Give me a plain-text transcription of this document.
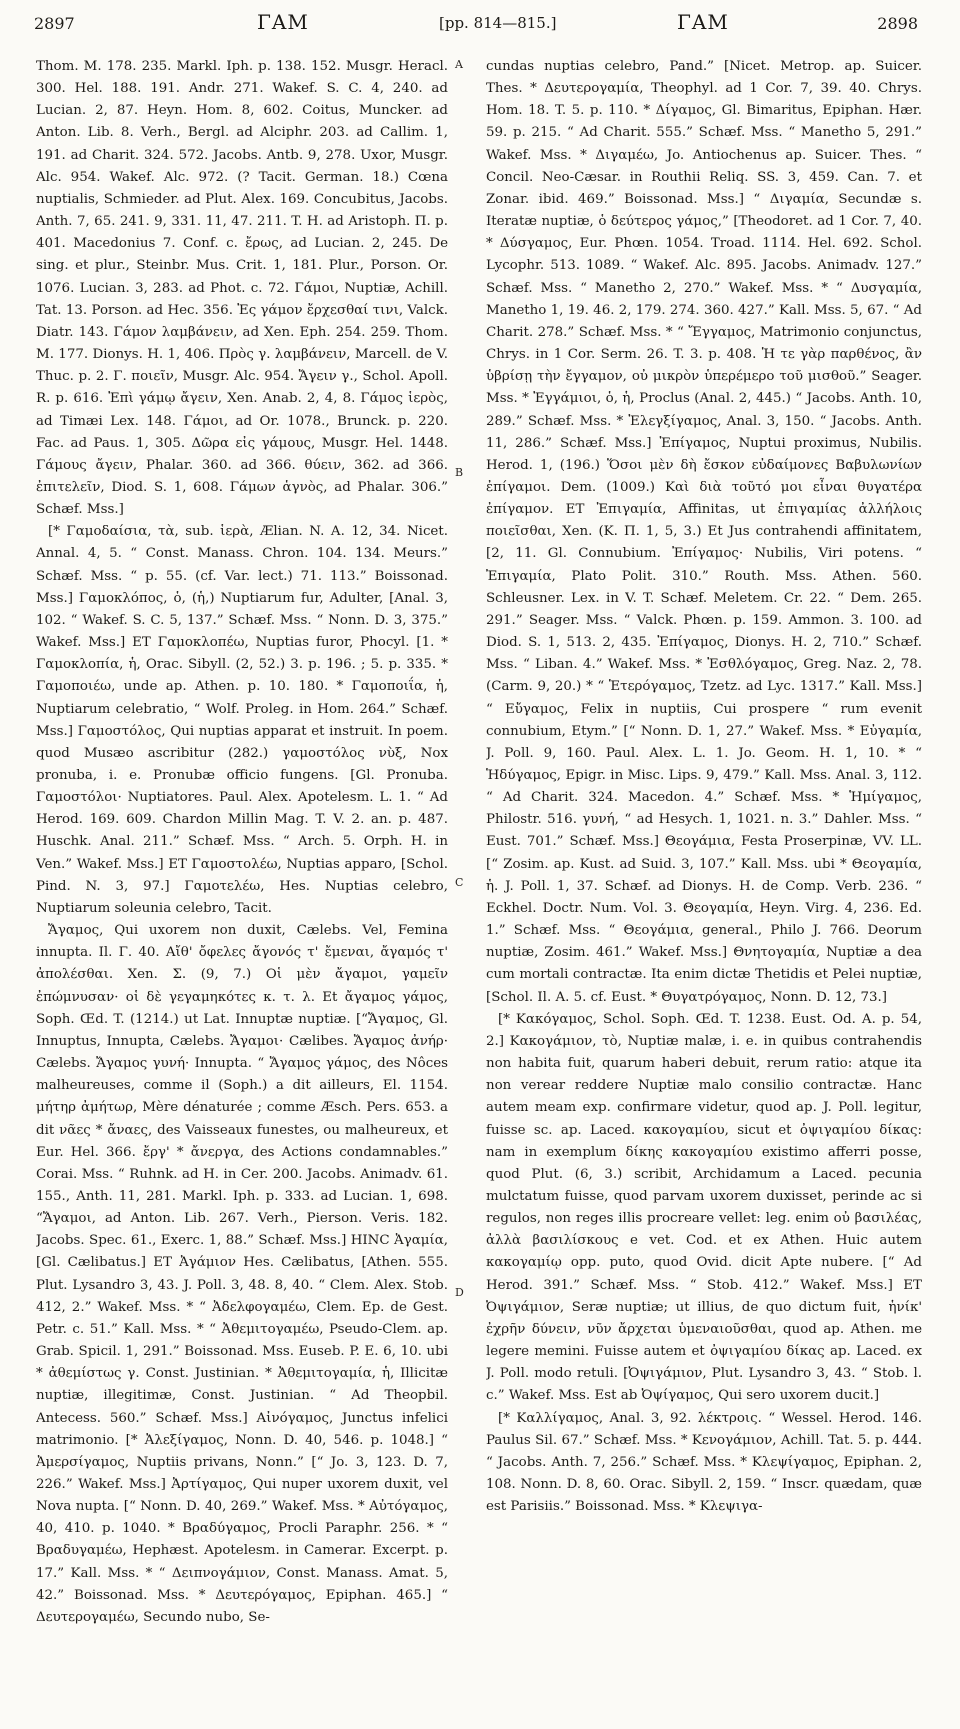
2897	ΓΑΜ	[pp. 814—815.]	ΓΑΜ	2898
A
B
C
D

Thom. M. 178. 235. Markl. Iph. p. 138. 152. Musgr. Heracl. 300. Hel. 188. 191. Andr. 271. Wakef. S. C. 4, 240. ad Lucian. 2, 87. Heyn. Hom. 8, 602. Coitus, Muncker. ad Anton. Lib. 8. Verh., Bergl. ad Alciphr. 203. ad Callim. 1, 191. ad Charit. 324. 572. Jacobs. Antb. 9, 278. Uxor, Musgr. Alc. 954. Wakef. Alc. 972. (? Tacit. German. 18.) Cœna nuptialis, Schmieder. ad Plut. Alex. 169. Concubitus, Jacobs. Anth. 7, 65. 241. 9, 331. 11, 47. 211. T. H. ad Aristoph. Π. p. 401. Macedonius 7. Conf. c. ἔρως, ad Lucian. 2, 245. De sing. et plur., Steinbr. Mus. Crit. 1, 181. Plur., Porson. Or. 1076. Lucian. 3, 283. ad Phot. c. 72. Γάμοι, Nuptiæ, Achill. Tat. 13. Porson. ad Hec. 356. Ἐς γάμον ἔρχεσθαί τινι, Valck. Diatr. 143. Γάμον λαμβάνειν, ad Xen. Eph. 254. 259. Thom. M. 177. Dionys. H. 1, 406. Πρὸς γ. λαμβάνειν, Marcell. de V. Thuc. p. 2. Γ. ποιεῖν, Musgr. Alc. 954. Ἄγειν γ., Schol. Apoll. R. p. 616. Ἐπὶ γάμῳ ἄγειν, Xen. Anab. 2, 4, 8. Γάμος ἱερὸς, ad Timæi Lex. 148. Γάμοι, ad Or. 1078., Brunck. p. 220. Fac. ad Paus. 1, 305. Δῶρα εἰς γάμους, Musgr. Hel. 1448. Γάμους ἄγειν, Phalar. 360. ad 366. θύειν, 362. ad 366. ἐπιτελεῖν, Diod. S. 1, 608. Γάμων ἁγνὸς, ad Phalar. 306.” Schæf. Mss.]

[* Γαμοδαίσια, τὰ, sub. ἱερὰ, Ælian. N. A. 12, 34. Nicet. Annal. 4, 5. “ Const. Manass. Chron. 104. 134. Meurs.” Schæf. Mss. “ p. 55. (cf. Var. lect.) 71. 113.” Boissonad. Mss.] Γαμοκλόπος, ὁ, (ἡ,) Nuptiarum fur, Adulter, [Anal. 3, 102. “ Wakef. S. C. 5, 137.” Schæf. Mss. “ Nonn. D. 3, 375.” Wakef. Mss.] ET Γαμοκλοπέω, Nuptias furor, Phocyl. [1. * Γαμοκλοπία, ἡ, Orac. Sibyll. (2, 52.) 3. p. 196. ; 5. p. 335. * Γαμοποιέω, unde ap. Athen. p. 10. 180. * Γαμοποιΐα, ἡ, Nuptiarum celebratio, “ Wolf. Proleg. in Hom. 264.” Schæf. Mss.] Γαμοστόλος, Qui nuptias apparat et instruit. In poem. quod Musæo ascribitur (282.) γαμοστόλος νὺξ, Nox pronuba, i. e. Pronubæ officio fungens. [Gl. Pronuba. Γαμοστόλοι· Nuptiatores. Paul. Alex. Apotelesm. L. 1. “ Ad Herod. 169. 609. Chardon Millin Mag. T. V. 2. an. p. 487. Huschk. Anal. 211.” Schæf. Mss. “ Arch. 5. Orph. H. in Ven.” Wakef. Mss.] ET Γαμοστολέω, Nuptias apparo, [Schol. Pind. N. 3, 97.] Γαμοτελέω, Hes. Nuptias celebro, Nuptiarum soleunia celebro, Tacit.

Ἄγαμος, Qui uxorem non duxit, Cælebs. Vel, Femina innupta. Il. Γ. 40. Αἴθ' ὄφελες ἄγονός τ' ἔμεναι, ἄγαμός τ' ἀπολέσθαι. Xen. Σ. (9, 7.) Οἱ μὲν ἄγαμοι, γαμεῖν ἐπώμνυσαν· οἱ δὲ γεγαμηκότες κ. τ. λ. Et ἄγαμος γάμος, Soph. Œd. T. (1214.) ut Lat. Innuptæ nuptiæ. [“Ἄγαμος, Gl. Innuptus, Innupta, Cælebs. Ἄγαμοι· Cælibes. Ἄγαμος ἀνήρ· Cælebs. Ἄγαμος γυνή· Innupta. “ Ἄγαμος γάμος, des Nôces malheureuses, comme il (Soph.) a dit ailleurs, El. 1154. μήτηρ ἀμήτωρ, Mère dénaturée ; comme Æsch. Pers. 653. a dit νᾶες * ἄναες, des Vaisseaux funestes, ou malheureux, et Eur. Hel. 366. ἔργ' * ἄνεργα, des Actions condamnables.” Corai. Mss. “ Ruhnk. ad H. in Cer. 200. Jacobs. Animadv. 61. 155., Anth. 11, 281. Markl. Iph. p. 333. ad Lucian. 1, 698. “Ἄγαμοι, ad Anton. Lib. 267. Verh., Pierson. Veris. 182. Jacobs. Spec. 61., Exerc. 1, 88.” Schæf. Mss.] HINC Ἀγαμία, [Gl. Cælibatus.] ET Ἀγάμιον Hes. Cælibatus, [Athen. 555. Plut. Lysandro 3, 43. J. Poll. 3, 48. 8, 40. “ Clem. Alex. Stob. 412, 2.” Wakef. Mss. * “ Ἀδελφογαμέω, Clem. Ep. de Gest. Petr. c. 51.” Kall. Mss. * “ Ἀθεμιτογαμέω, Pseudo-Clem. ap. Grab. Spicil. 1, 291.” Boissonad. Mss. Euseb. P. E. 6, 10. ubi * ἀθεμίστως γ. Const. Justinian. * Ἀθεμιτογαμία, ἡ, Illicitæ nuptiæ, illegitimæ, Const. Justinian. “ Ad Theopbil. Antecess. 560.” Schæf. Mss.] Αἰνόγαμος, Junctus infelici matrimonio. [* Ἀλεξίγαμος, Nonn. D. 40, 546. p. 1048.] “ Ἀμερσίγαμος, Nuptiis privans, Nonn.” [“ Jo. 3, 123. D. 7, 226.” Wakef. Mss.] Ἀρτίγαμος, Qui nuper uxorem duxit, vel Nova nupta. [“ Nonn. D. 40, 269.” Wakef. Mss. * Αὐτόγαμος, 40, 410. p. 1040. * Βραδύγαμος, Procli Paraphr. 256. * “ Βραδυγαμέω, Hephæst. Apotelesm. in Camerar. Excerpt. p. 17.” Kall. Mss. * “ Δειπνογάμιον, Const. Manass. Amat. 5, 42.” Boissonad. Mss. * Δευτερόγαμος, Epiphan. 465.] “ Δευτερογαμέω, Secundo nubo, Se-

cundas nuptias celebro, Pand.” [Nicet. Metrop. ap. Suicer. Thes. * Δευτερογαμία, Theophyl. ad 1 Cor. 7, 39. 40. Chrys. Hom. 18. T. 5. p. 110. * Δίγαμος, Gl. Bimaritus, Epiphan. Hær. 59. p. 215. “ Ad Charit. 555.” Schæf. Mss. “ Manetho 5, 291.” Wakef. Mss. * Διγαμέω, Jo. Antiochenus ap. Suicer. Thes. “ Concil. Neo-Cæsar. in Routhii Reliq. SS. 3, 459. Can. 7. et Zonar. ibid. 469.” Boissonad. Mss.] “ Διγαμία, Secundæ s. Iteratæ nuptiæ, ὁ δεύτερος γάμος,” [Theodoret. ad 1 Cor. 7, 40. * Δύσγαμος, Eur. Phœn. 1054. Troad. 1114. Hel. 692. Schol. Lycophr. 513. 1089. “ Wakef. Alc. 895. Jacobs. Animadv. 127.” Schæf. Mss. “ Manetho 2, 270.” Wakef. Mss. * “ Δυσγαμία, Manetho 1, 19. 46. 2, 179. 274. 360. 427.” Kall. Mss. 5, 67. “ Ad Charit. 278.” Schæf. Mss. * “ Ἔγγαμος, Matrimonio conjunctus, Chrys. in 1 Cor. Serm. 26. T. 3. p. 408. Ἡ τε γὰρ παρθένος, ἂν ὑβρίσῃ τὴν ἔγγαμον, οὐ μικρὸν ὑπερέμερο τοῦ μισθοῦ.” Seager. Mss. * Ἐγγάμιοι, ὁ, ἡ, Proclus (Anal. 2, 445.) “ Jacobs. Anth. 10, 289.” Schæf. Mss. * Ἐλεγξίγαμος, Anal. 3, 150. “ Jacobs. Anth. 11, 286.” Schæf. Mss.] Ἐπίγαμος, Nuptui proximus, Nubilis. Herod. 1, (196.) Ὅσοι μὲν δὴ ἔσκον εὐδαίμονες Βαβυλωνίων ἐπίγαμοι. Dem. (1009.) Καὶ διὰ τοῦτό μοι εἶναι θυγατέρα ἐπίγαμον. ET Ἐπιγαμία, Affinitas, ut ἐπιγαμίας ἀλλήλοις ποιεῖσθαι, Xen. (K. Π. 1, 5, 3.) Et Jus contrahendi affinitatem, [2, 11. Gl. Connubium. Ἐπίγαμος· Nubilis, Viri potens. “ Ἐπιγαμία, Plato Polit. 310.” Routh. Mss. Athen. 560. Schleusner. Lex. in V. T. Schæf. Meletem. Cr. 22. “ Dem. 265. 291.” Seager. Mss. “ Valck. Phœn. p. 159. Ammon. 3. 100. ad Diod. S. 1, 513. 2, 435. Ἐπίγαμος, Dionys. H. 2, 710.” Schæf. Mss. “ Liban. 4.” Wakef. Mss. * Ἐσθλόγαμος, Greg. Naz. 2, 78. (Carm. 9, 20.) * “ Ἑτερόγαμος, Tzetz. ad Lyc. 1317.” Kall. Mss.] “ Εὔγαμος, Felix in nuptiis, Cui prospere “ rum evenit connubium, Etym.” [“ Nonn. D. 1, 27.” Wakef. Mss. * Εὐγαμία, J. Poll. 9, 160. Paul. Alex. L. 1. Jo. Geom. H. 1, 10. * “ Ἡδύγαμος, Epigr. in Misc. Lips. 9, 479.” Kall. Mss. Anal. 3, 112. “ Ad Charit. 324. Macedon. 4.” Schæf. Mss. * Ἡμίγαμος, Philostr. 516. γυνή, “ ad Hesych. 1, 1021. n. 3.” Dahler. Mss. “ Eust. 701.” Schæf. Mss.] Θεογάμια, Festa Proserpinæ, VV. LL. [“ Zosim. ap. Kust. ad Suid. 3, 107.” Kall. Mss. ubi * Θεογαμία, ἡ. J. Poll. 1, 37. Schæf. ad Dionys. H. de Comp. Verb. 236. “ Eckhel. Doctr. Num. Vol. 3. Θεογαμία, Heyn. Virg. 4, 236. Ed. 1.” Schæf. Mss. “ Θεογάμια, general., Philo J. 766. Deorum nuptiæ, Zosim. 461.” Wakef. Mss.] Θνητογαμία, Nuptiæ a dea cum mortali contractæ. Ita enim dictæ Thetidis et Pelei nuptiæ, [Schol. Il. A. 5. cf. Eust. * Θυγατρόγαμος, Nonn. D. 12, 73.]

[* Κακόγαμος, Schol. Soph. Œd. T. 1238. Eust. Od. A. p. 54, 2.] Κακογάμιον, τὸ, Nuptiæ malæ, i. e. in quibus contrahendis non habita fuit, quarum haberi debuit, rerum ratio: atque ita non verear reddere Nuptiæ malo consilio contractæ. Hanc autem meam exp. confirmare videtur, quod ap. J. Poll. legitur, fuisse sc. ap. Laced. κακογαμίου, sicut et ὀψιγαμίου δίκας: nam in exemplum δίκης κακογαμίου existimo afferri posse, quod Plut. (6, 3.) scribit, Archidamum a Laced. pecunia mulctatum fuisse, quod parvam uxorem duxisset, perinde ac si regulos, non reges illis procreare vellet: leg. enim οὐ βασιλέας, ἀλλὰ βασιλίσκους e vet. Cod. et ex Athen. Huic autem κακογαμίῳ opp. puto, quod Ovid. dicit Apte nubere. [“ Ad Herod. 391.” Schæf. Mss. “ Stob. 412.” Wakef. Mss.] ET Ὀψιγάμιον, Seræ nuptiæ; ut illius, de quo dictum fuit, ἡνίκ' ἐχρῆν δύνειν, νῦν ἄρχεται ὑμεναιοῦσθαι, quod ap. Athen. me legere memini. Fuisse autem et ὀψιγαμίου δίκας ap. Laced. ex J. Poll. modo retuli. [Ὀψιγάμιον, Plut. Lysandro 3, 43. “ Stob. l. c.” Wakef. Mss. Est ab Ὀψίγαμος, Qui sero uxorem ducit.]

[* Καλλίγαμος, Anal. 3, 92. λέκτροις. “ Wessel. Herod. 146. Paulus Sil. 67.” Schæf. Mss. * Κενογάμιον, Achill. Tat. 5. p. 444. “ Jacobs. Anth. 7, 256.” Schæf. Mss. * Κλεψίγαμος, Epiphan. 2, 108. Nonn. D. 8, 60. Orac. Sibyll. 2, 159. “ Inscr. quædam, quæ est Parisiis.” Boissonad. Mss. * Κλεψιγα-
